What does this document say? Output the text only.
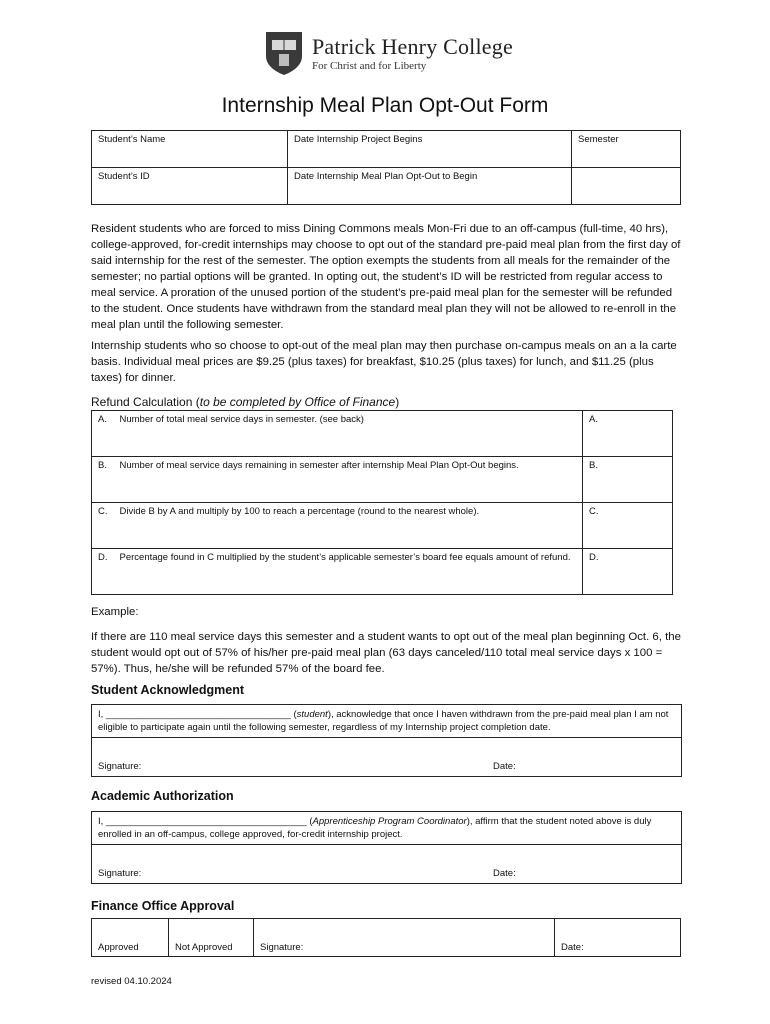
Patrick Henry College
For Christ and for Liberty
Internship Meal Plan Opt-Out Form
Student’s Name	Date Internship Project Begins	Semester
Student’s ID	Date Internship Meal Plan Opt-Out to Begin	
Resident students who are forced to miss Dining Commons meals Mon-Fri due to an off-campus (full-time, 40 hrs), college-approved, for-credit internships may choose to opt out of the standard pre-paid meal plan from the first day of said internship for the rest of the semester. The option exempts the students from all meals for the remainder of the semester; no partial options will be granted. In opting out, the student’s ID will be restricted from regular access to meal service. A proration of the unused portion of the student’s pre-paid meal plan for the semester will be refunded to the student. Once students have withdrawn from the standard meal plan they will not be allowed to re-enroll in the meal plan until the following semester.
Internship students who so choose to opt-out of the meal plan may then purchase on-campus meals on an a la carte basis. Individual meal prices are $9.25 (plus taxes) for breakfast, $10.25 (plus taxes) for lunch, and $11.25 (plus taxes) for dinner.
Refund Calculation (to be completed by Office of Finance)
A.	Number of total meal service days in semester. (see back)	A.
B.	Number of meal service days remaining in semester after internship Meal Plan Opt-Out begins.	B.
C.	Divide B by A and multiply by 100 to reach a percentage (round to the nearest whole).	C.
D.	Percentage found in C multiplied by the student’s applicable semester’s board fee equals amount of refund.	D.
Example:
If there are 110 meal service days this semester and a student wants to opt out of the meal plan beginning Oct. 6, the student would opt out of 57% of his/her pre-paid meal plan (63 days canceled/110 total meal service days x 100 = 57%). Thus, he/she will be refunded 57% of the board fee.
Student Acknowledgment
I, ___________________________________ (student), acknowledge that once I haven withdrawn from the pre-paid meal plan I am not eligible to participate again until the following semester, regardless of my Internship project completion date.
Signature:	Date:
Academic Authorization
I, ______________________________________ (Apprenticeship Program Coordinator), affirm that the student noted above is duly enrolled in an off-campus, college approved, for-credit internship project.
Signature:	Date:
Finance Office Approval
Approved	Not Approved	Signature:	Date:
revised 04.10.2024
